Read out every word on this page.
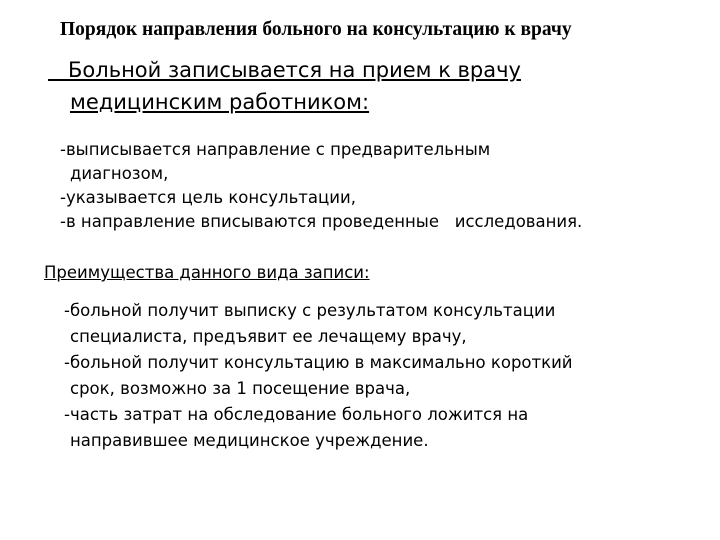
Порядок направления больного на консультацию к врачу

Больной записывается на прием к врачу
медицинским работником:

-выписывается направление с предварительным
диагнозом,
-указывается цель консультации,
-в направление вписываются проведенные   исследования.

Преимущества данного вида записи:

-больной получит выписку с результатом консультации
специалиста, предъявит ее лечащему врачу,
-больной получит консультацию в максимально короткий
срок, возможно за 1 посещение врача,
-часть затрат на обследование больного ложится на
направившее медицинское учреждение.
